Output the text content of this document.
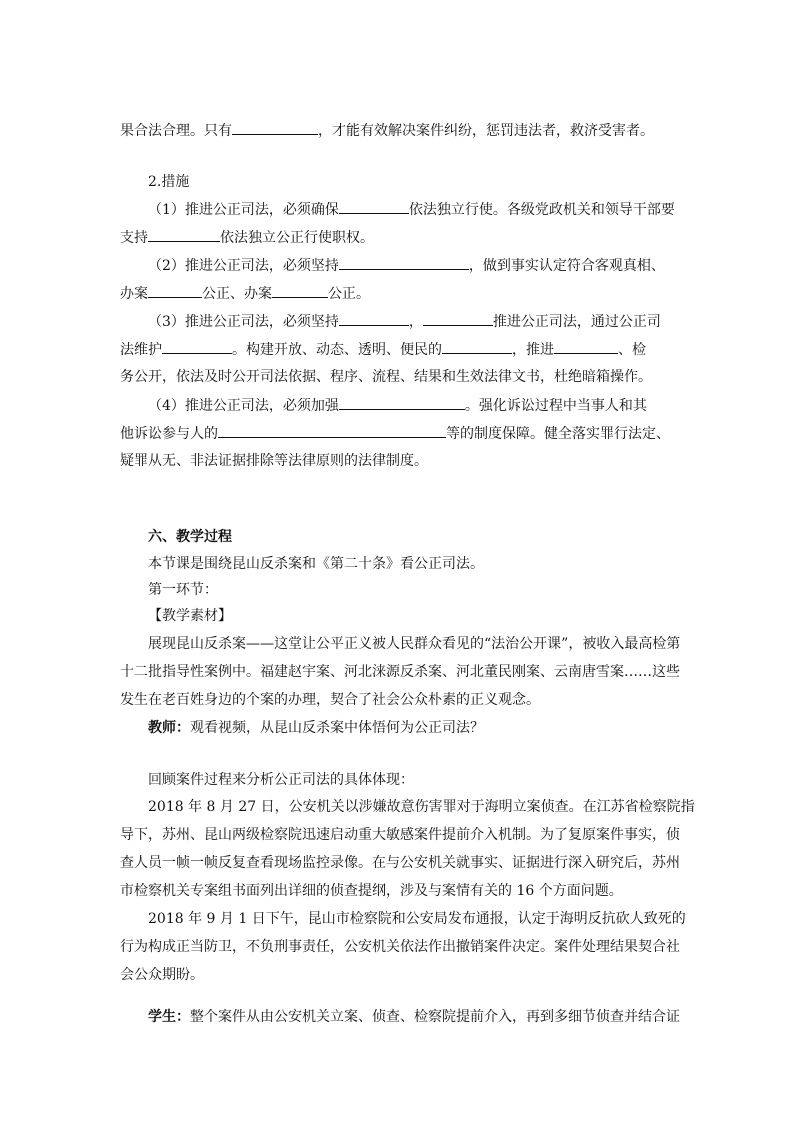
果合法合理。只有	，才能有效解决案件纠纷，惩罚违法者，救济受害者。
2.措施
（1）推进公正司法，必须确保	依法独立行使。各级党政机关和领导干部要
支持	依法独立公正行使职权。
（2）推进公正司法，必须坚持	，做到事实认定符合客观真相、
办案	公正、办案	公正。
（3）推进公正司法，必须坚持	，	推进公正司法，通过公正司
法维护	。构建开放、动态、透明、便民的	，推进	、检
务公开，依法及时公开司法依据、程序、流程、结果和生效法律文书，杜绝暗箱操作。
（4）推进公正司法，必须加强	。强化诉讼过程中当事人和其
他诉讼参与人的	等的制度保障。健全落实罪行法定、
疑罪从无、非法证据排除等法律原则的法律制度。
六、教学过程
本节课是围绕昆山反杀案和《第二十条》看公正司法。
第一环节：
【教学素材】
展现昆山反杀案——这堂让公平正义被人民群众看见的“法治公开课”，被收入最高检第
十二批指导性案例中。福建赵宇案、河北涞源反杀案、河北董民刚案、云南唐雪案……这些
发生在老百姓身边的个案的办理，契合了社会公众朴素的正义观念。
教师：观看视频，从昆山反杀案中体悟何为公正司法？
回顾案件过程来分析公正司法的具体体现：
2018 年 8 月 27 日，公安机关以涉嫌故意伤害罪对于海明立案侦查。在江苏省检察院指
导下，苏州、昆山两级检察院迅速启动重大敏感案件提前介入机制。为了复原案件事实，侦
查人员一帧一帧反复查看现场监控录像。在与公安机关就事实、证据进行深入研究后，苏州
市检察机关专案组书面列出详细的侦查提纲，涉及与案情有关的 16 个方面问题。
2018 年 9 月 1 日下午，昆山市检察院和公安局发布通报，认定于海明反抗砍人致死的
行为构成正当防卫，不负刑事责任，公安机关依法作出撤销案件决定。案件处理结果契合社
会公众期盼。
学生：整个案件从由公安机关立案、侦查、检察院提前介入，再到多细节侦查并结合证
